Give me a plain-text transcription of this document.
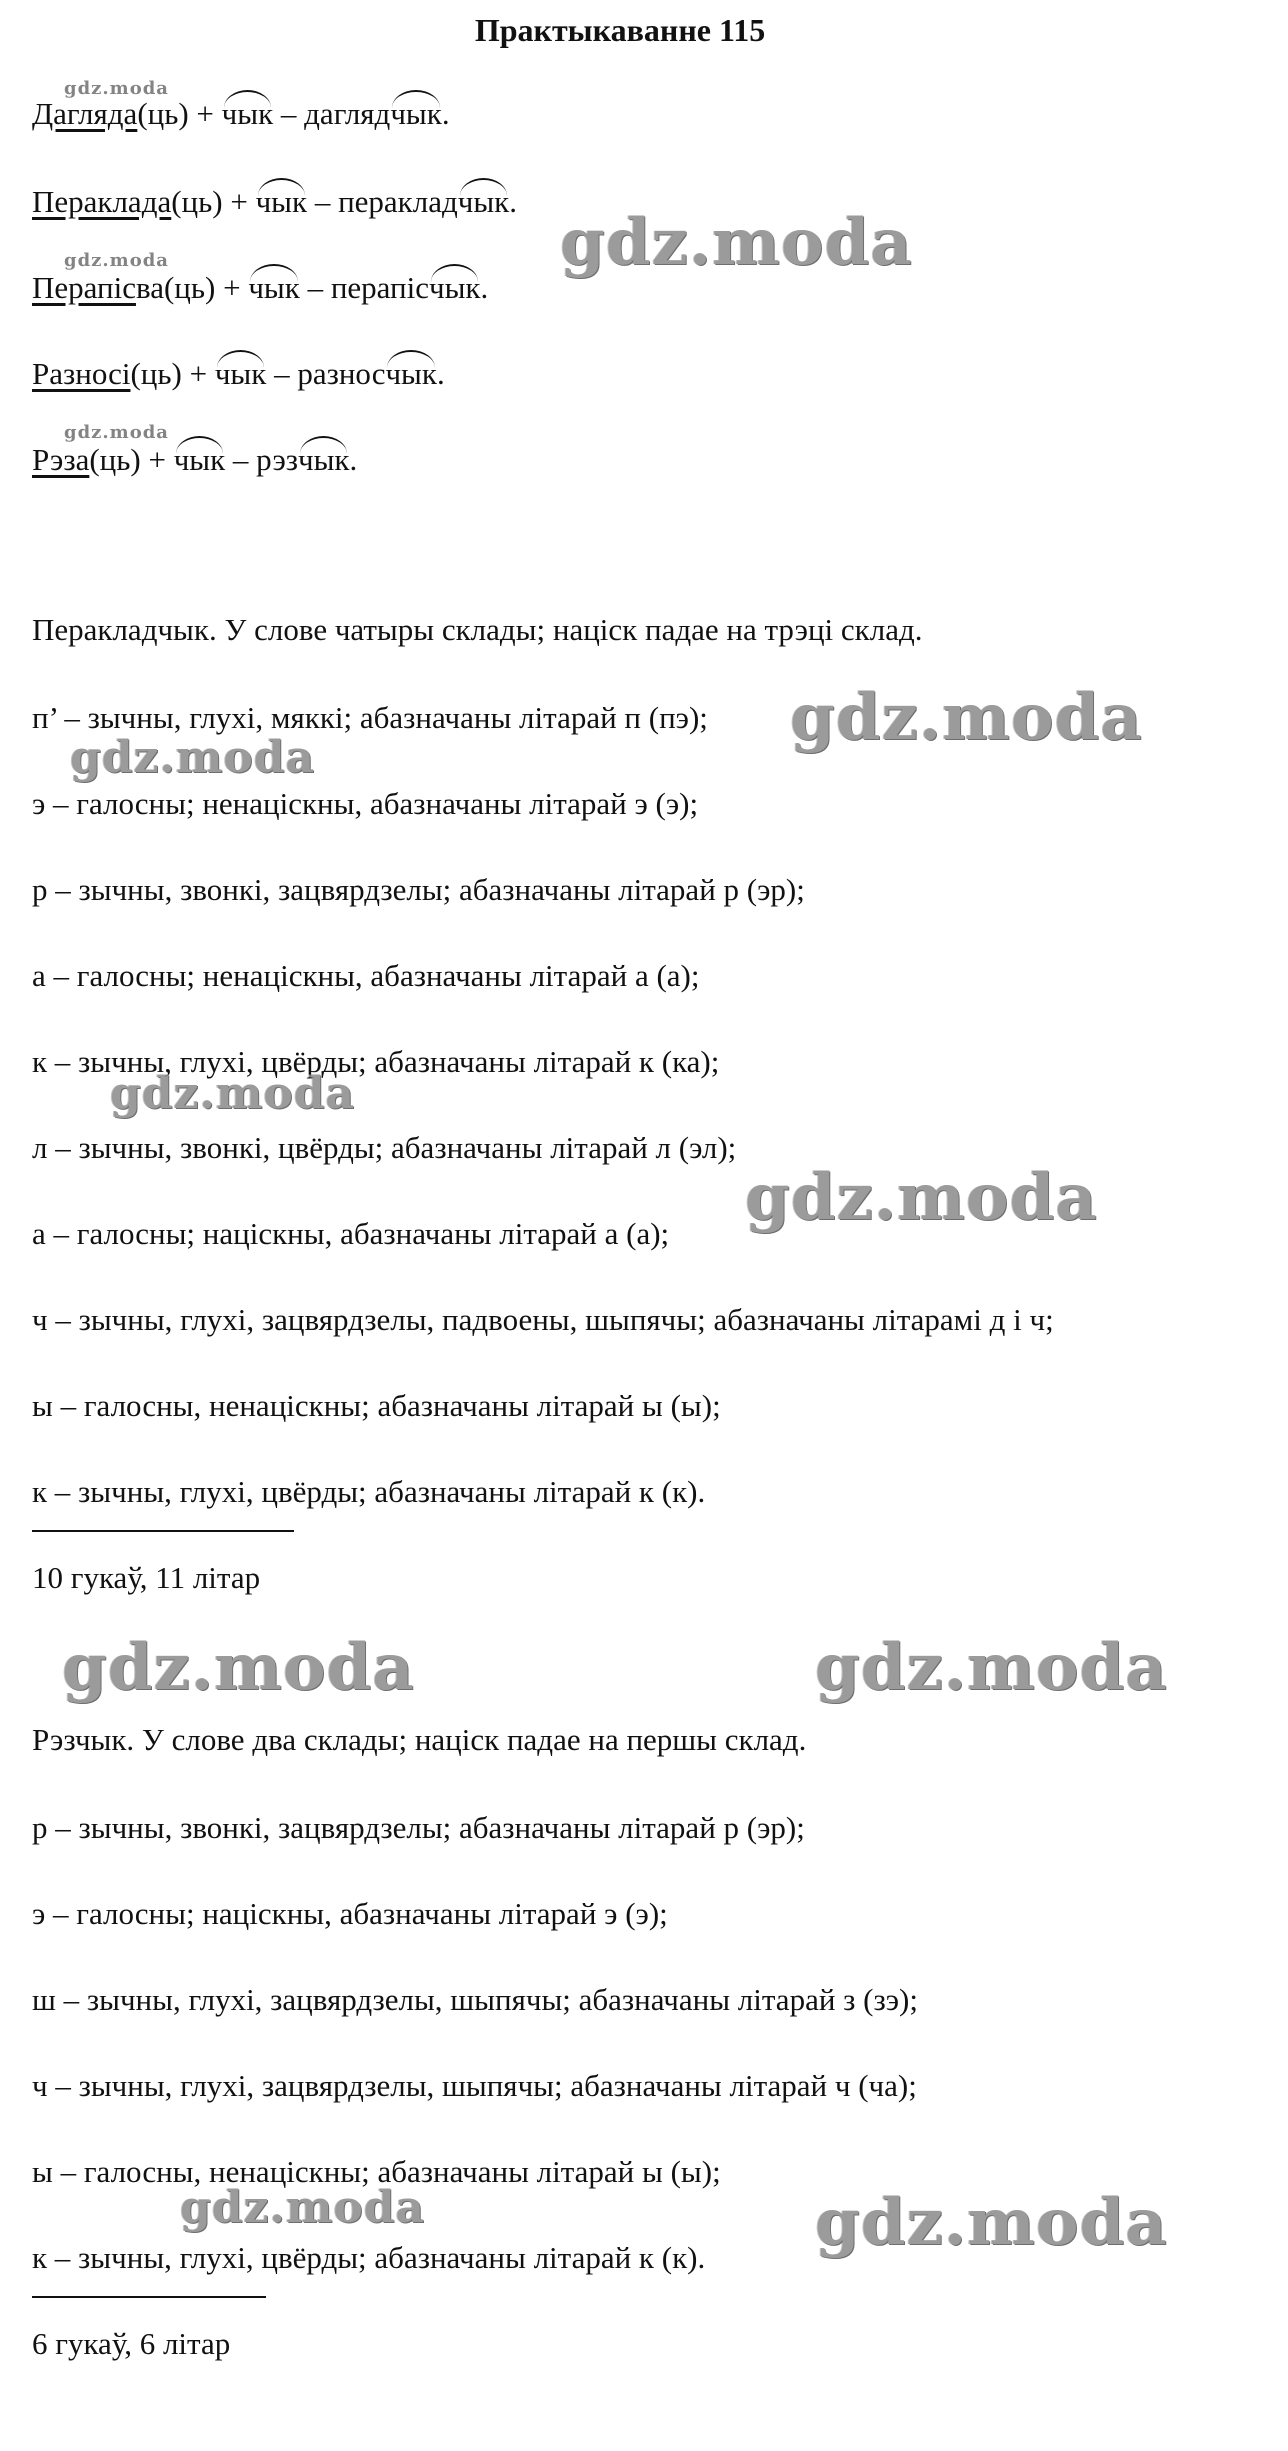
Практыкаванне 115
Дагляда(ць) + чык – даглядчык.
Пераклада(ць) + чык – перaкладчык.
Перапісва(ць) + чык – перапісчык.
Разносі(ць) + чык – разносчык.
Рэза(ць) + чык – рэзчык.
Перакладчык. У слове чатыры склады; націск падае на трэці склад.
п’ – зычны, глухі, мяккі; абазначаны літарай п (пэ);
э – галосны; ненаціскны, абазначаны літарай э (э);
р – зычны, звонкі, зацвярдзелы; абазначаны літарай р (эр);
а – галосны; ненаціскны, абазначаны літарай а (а);
к – зычны, глухі, цвёрды; абазначаны літарай к (ка);
л – зычны, звонкі, цвёрды; абазначаны літарай л (эл);
а – галосны; націскны, абазначаны літарай а (а);
ч – зычны, глухі, зацвярдзелы, падвоены, шыпячы; абазначаны літарамі д і ч;
ы – галосны, ненаціскны; абазначаны літарай ы (ы);
к – зычны, глухі, цвёрды; абазначаны літарай к (к).
10 гукаў, 11 літар
Рэзчык. У слове два склады; націск падае на першы склад.
р – зычны, звонкі, зацвярдзелы; абазначаны літарай р (эр);
э – галосны; націскны, абазначаны літарай э (э);
ш – зычны, глухі, зацвярдзелы, шыпячы; абазначаны літарай з (зэ);
ч – зычны, глухі, зацвярдзелы, шыпячы; абазначаны літарай ч (ча);
ы – галосны, ненаціскны; абазначаны літарай ы (ы);
к – зычны, глухі, цвёрды; абазначаны літарай к (к).
6 гукаў, 6 літар
gdz.moda
gdz.moda
gdz.moda
gdz.moda
gdz.moda
gdz.moda
gdz.moda
gdz.moda
gdz.moda	gdz.moda
gdz.moda	gdz.moda
